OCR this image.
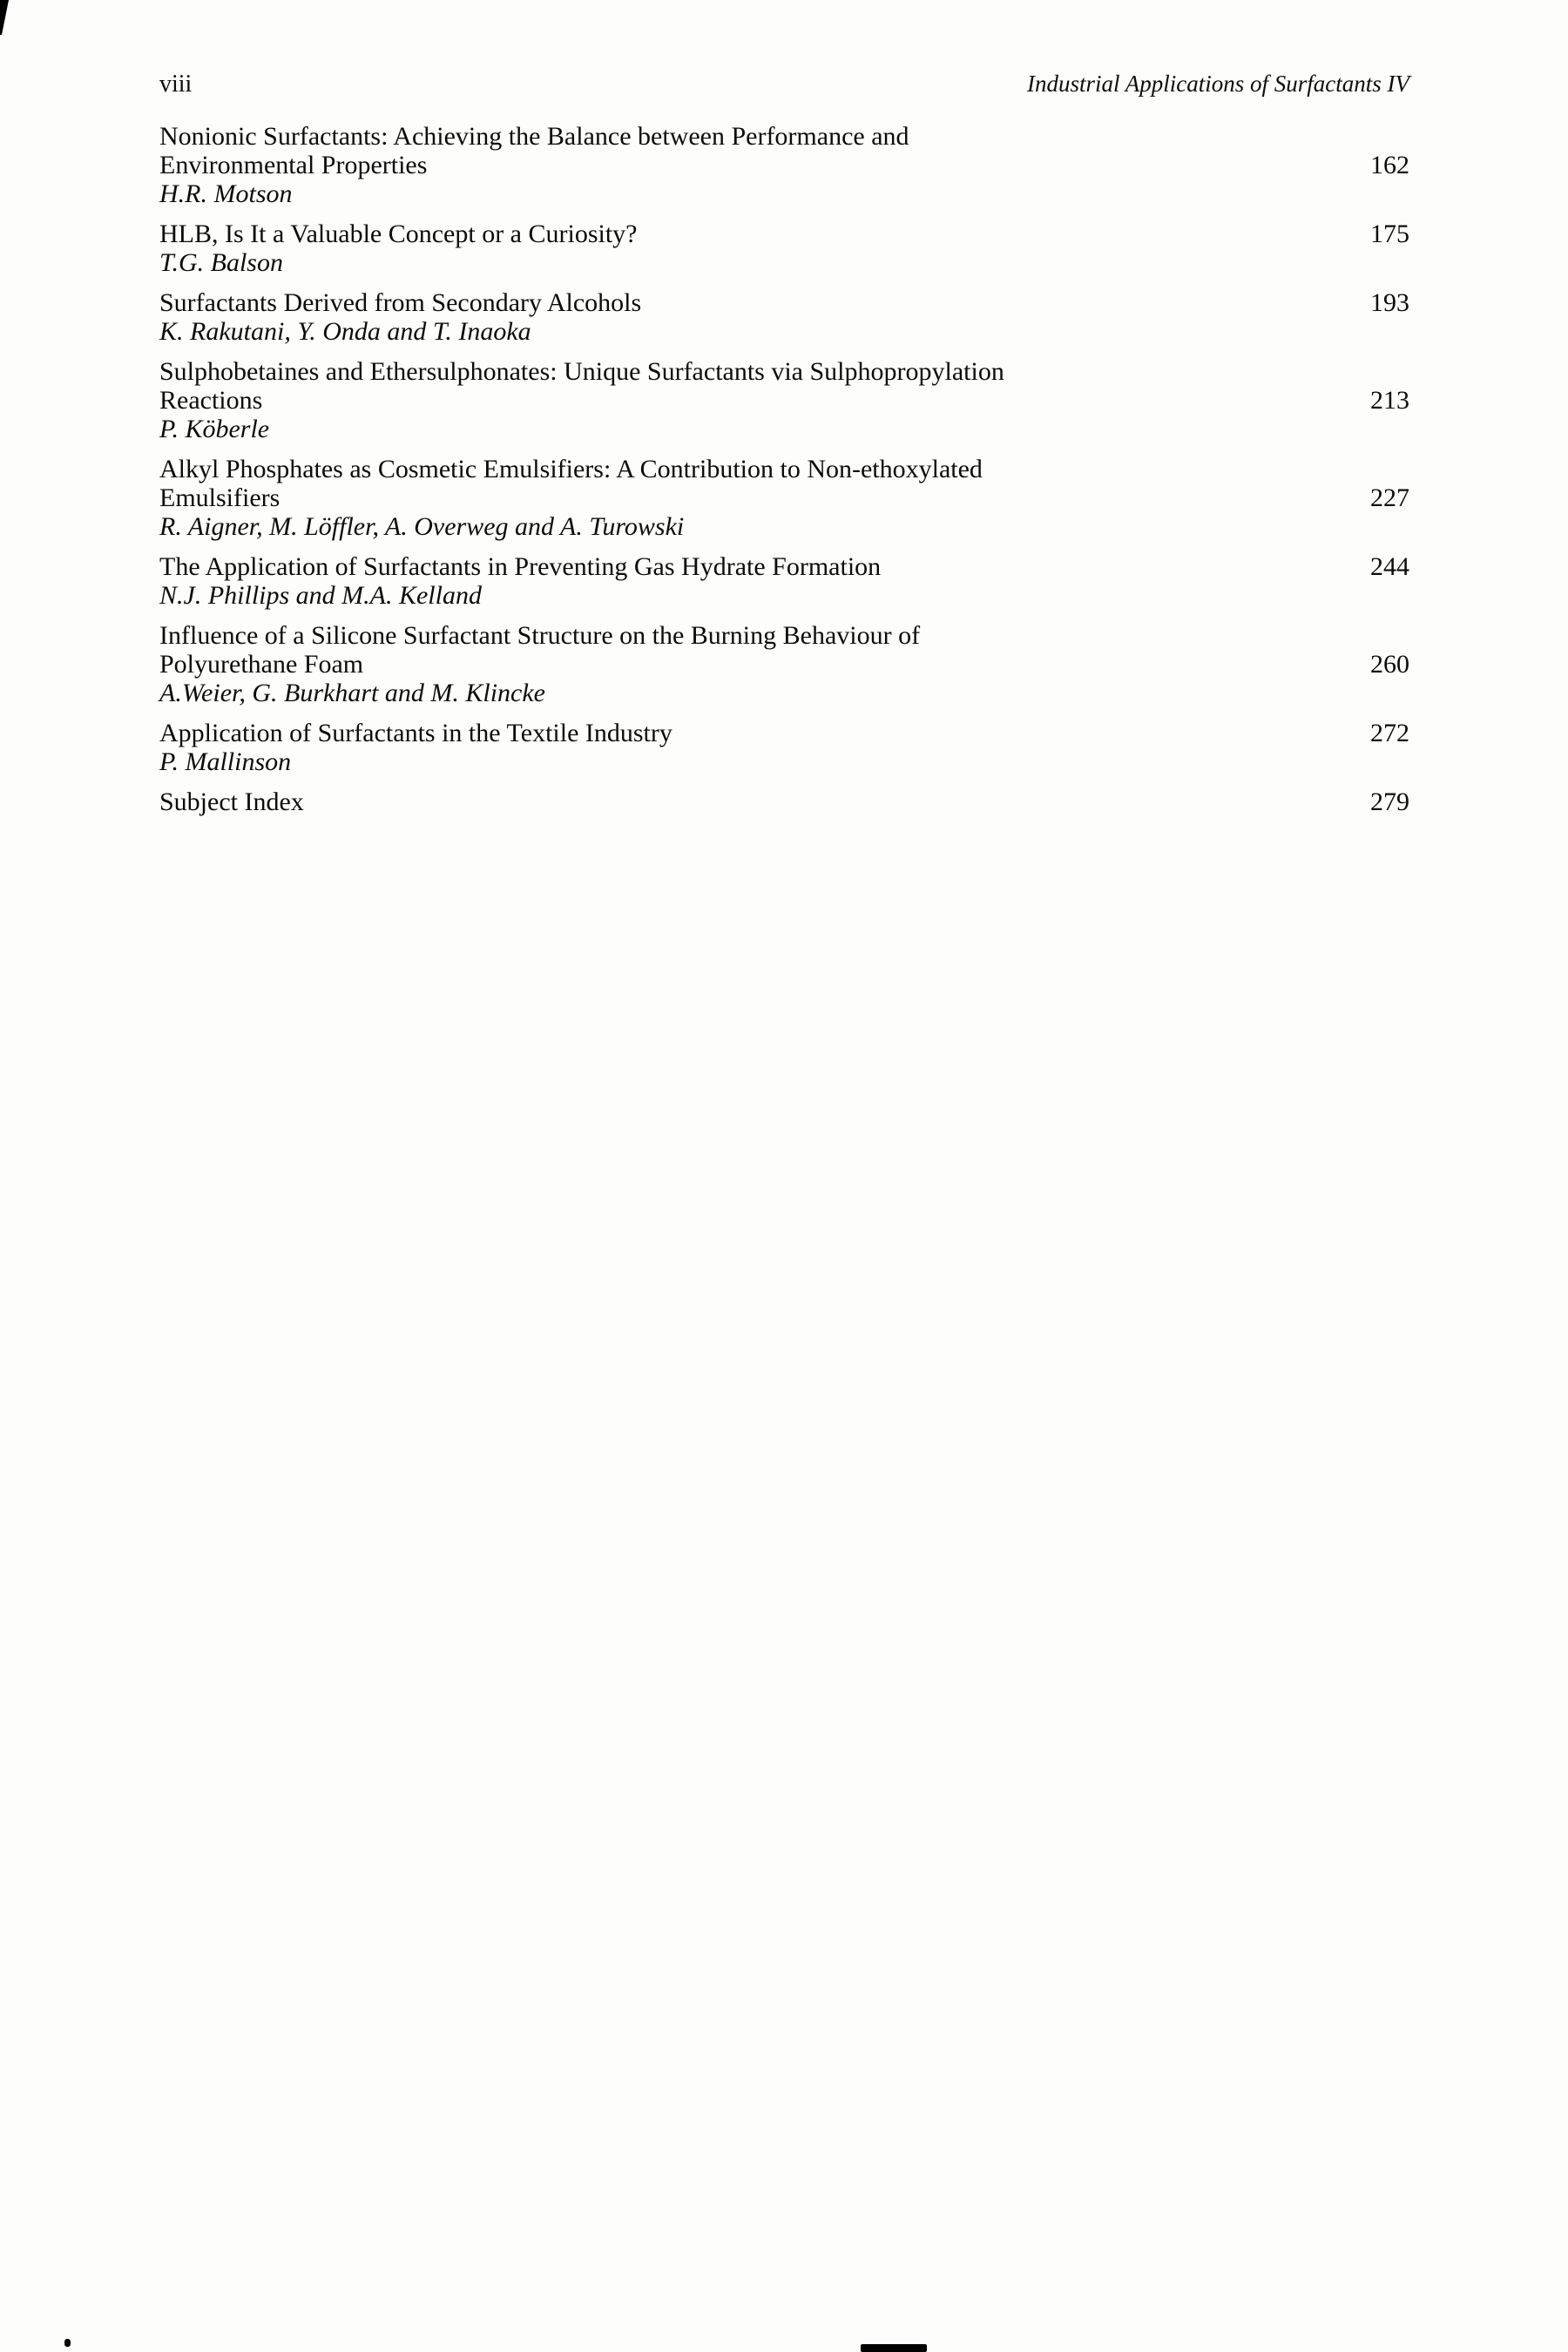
viii	Industrial Applications of Surfactants IV
Nonionic Surfactants: Achieving the Balance between Performance and
Environmental Properties	162
H.R. Motson
HLB, Is It a Valuable Concept or a Curiosity?	175
T.G. Balson
Surfactants Derived from Secondary Alcohols	193
K. Rakutani, Y. Onda and T. Inaoka
Sulphobetaines and Ethersulphonates: Unique Surfactants via Sulphopropylation
Reactions	213
P. Köberle
Alkyl Phosphates as Cosmetic Emulsifiers: A Contribution to Non-ethoxylated
Emulsifiers	227
R. Aigner, M. Löffler, A. Overweg and A. Turowski
The Application of Surfactants in Preventing Gas Hydrate Formation	244
N.J. Phillips and M.A. Kelland
Influence of a Silicone Surfactant Structure on the Burning Behaviour of
Polyurethane Foam	260
A.Weier, G. Burkhart and M. Klincke
Application of Surfactants in the Textile Industry	272
P. Mallinson
Subject Index	279
